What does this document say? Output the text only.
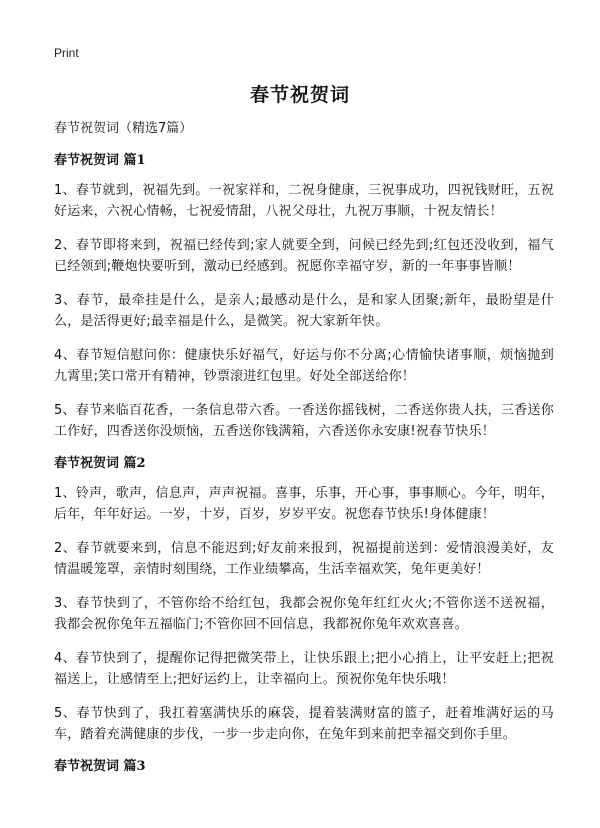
Print
春节祝贺词
春节祝贺词（精选7篇）
春节祝贺词 篇1

1、春节就到，祝福先到。一祝家祥和，二祝身健康，三祝事成功，四祝钱财旺，五祝好运来，六祝心情畅，七祝爱情甜，八祝父母壮，九祝万事顺，十祝友情长！

2、春节即将来到，祝福已经传到;家人就要全到，问候已经先到;红包还没收到，福气已经领到;鞭炮快要听到，激动已经感到。祝愿你幸福守岁，新的一年事事皆顺！

3、春节，最牵挂是什么，是亲人;最感动是什么，是和家人团聚;新年，最盼望是什么，是活得更好;最幸福是什么，是微笑。祝大家新年快。

4、春节短信慰问你：健康快乐好福气，好运与你不分离;心情愉快诸事顺，烦恼抛到九霄里;笑口常开有精神，钞票滚进红包里。好处全部送给你！

5、春节来临百花香，一条信息带六香。一香送你摇钱树，二香送你贵人扶，三香送你工作好，四香送你没烦恼，五香送你钱满箱，六香送你永安康!祝春节快乐！

春节祝贺词 篇2

1、铃声，歌声，信息声，声声祝福。喜事，乐事，开心事，事事顺心。今年，明年，后年，年年好运。一岁，十岁，百岁，岁岁平安。祝您春节快乐!身体健康！

2、春节就要来到，信息不能迟到;好友前来报到，祝福提前送到：爱情浪漫美好，友情温暖笼罩，亲情时刻围绕，工作业绩攀高，生活幸福欢笑，兔年更美好！

3、春节快到了，不管你给不给红包，我都会祝你兔年红红火火;不管你送不送祝福，我都会祝你兔年五福临门;不管你回不回信息，我都祝你兔年欢欢喜喜。

4、春节快到了，提醒你记得把微笑带上，让快乐跟上;把小心捎上，让平安赶上;把祝福送上，让感情至上;把好运约上，让幸福向上。预祝你兔年快乐哦！

5、春节快到了，我扛着塞满快乐的麻袋，提着装满财富的篮子，赶着堆满好运的马车，踏着充满健康的步伐，一步一步走向你，在兔年到来前把幸福交到你手里。

春节祝贺词 篇3
